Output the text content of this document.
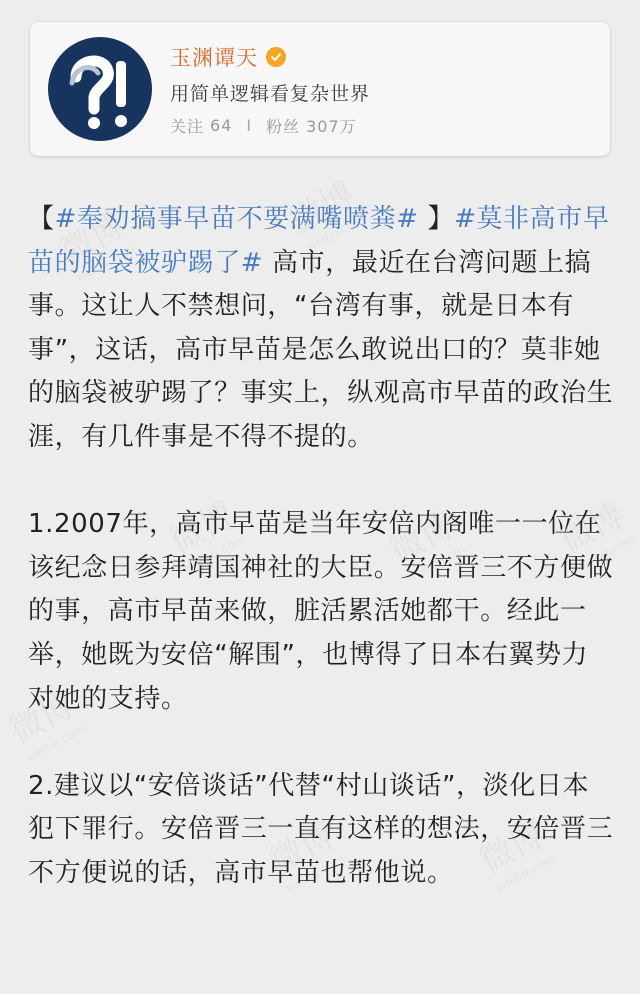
玉渊谭天
用简单逻辑看复杂世界
关注 64 I 粉丝 307万

【#奉劝搞事早苗不要满嘴喷粪# 】#莫非高市早苗的脑袋被驴踢了# 高市，最近在台湾问题上搞事。这让人不禁想问，“台湾有事，就是日本有事”，这话，高市早苗是怎么敢说出口的？莫非她的脑袋被驴踢了？事实上，纵观高市早苗的政治生涯，有几件事是不得不提的。

1.2007年，高市早苗是当年安倍内阁唯一一位在该纪念日参拜靖国神社的大臣。安倍晋三不方便做的事，高市早苗来做，脏活累活她都干。经此一举，她既为安倍“解围”，也博得了日本右翼势力对她的支持。

2.建议以“安倍谈话”代替“村山谈话”，淡化日本犯下罪行。安倍晋三一直有这样的想法，安倍晋三不方便说的话，高市早苗也帮他说。
